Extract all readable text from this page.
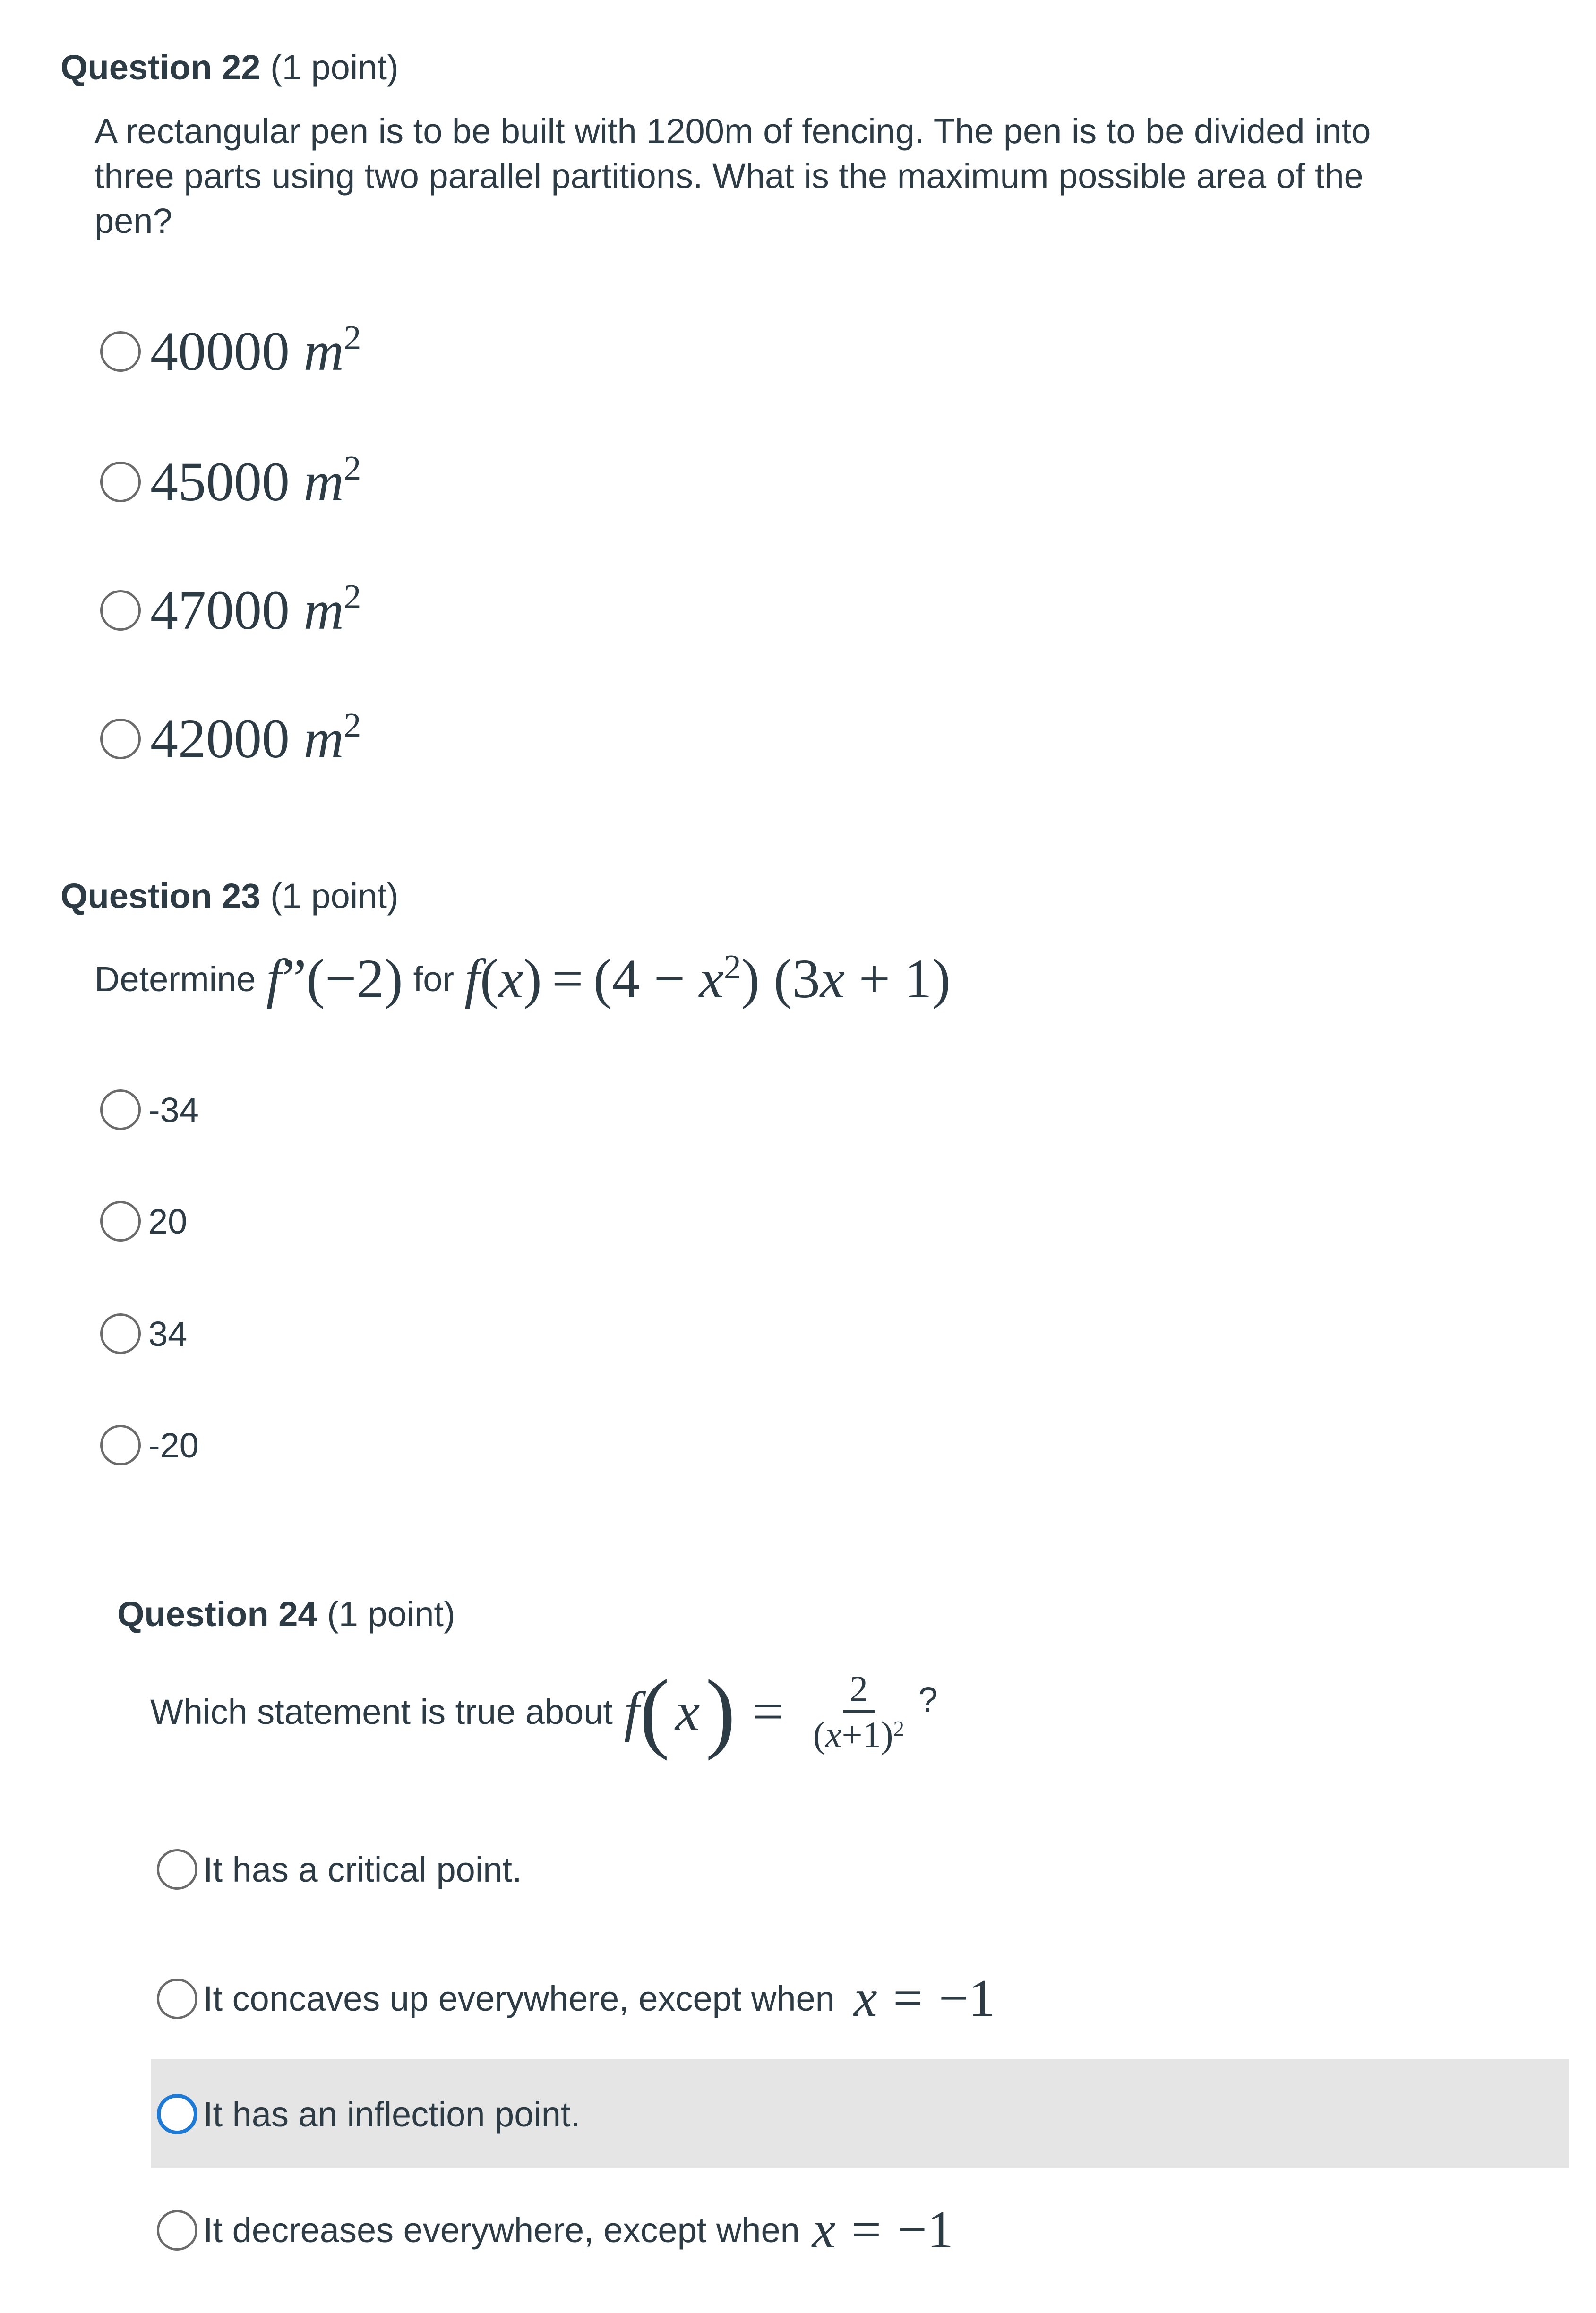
Question 22 (1 point)
A rectangular pen is to be built with 1200m of fencing. The pen is to be divided into
three parts using two parallel partitions. What is the maximum possible area of the
pen?
40000 $m^2$
45000 $m^2$
47000 $m^2$
42000 $m^2$
Question 23 (1 point)
Determine f”(−2) for $f(x) = (4 - x^2)$ (3x + 1)
-34
20
34
-20
Question 24 (1 point)
Which statement is true about f ( x ) = $\frac{2}{(x+1)^2}$ ?
It has a critical point.
It concaves up everywhere, except when x = −1
It has an inflection point.
It decreases everywhere, except when x = −1
